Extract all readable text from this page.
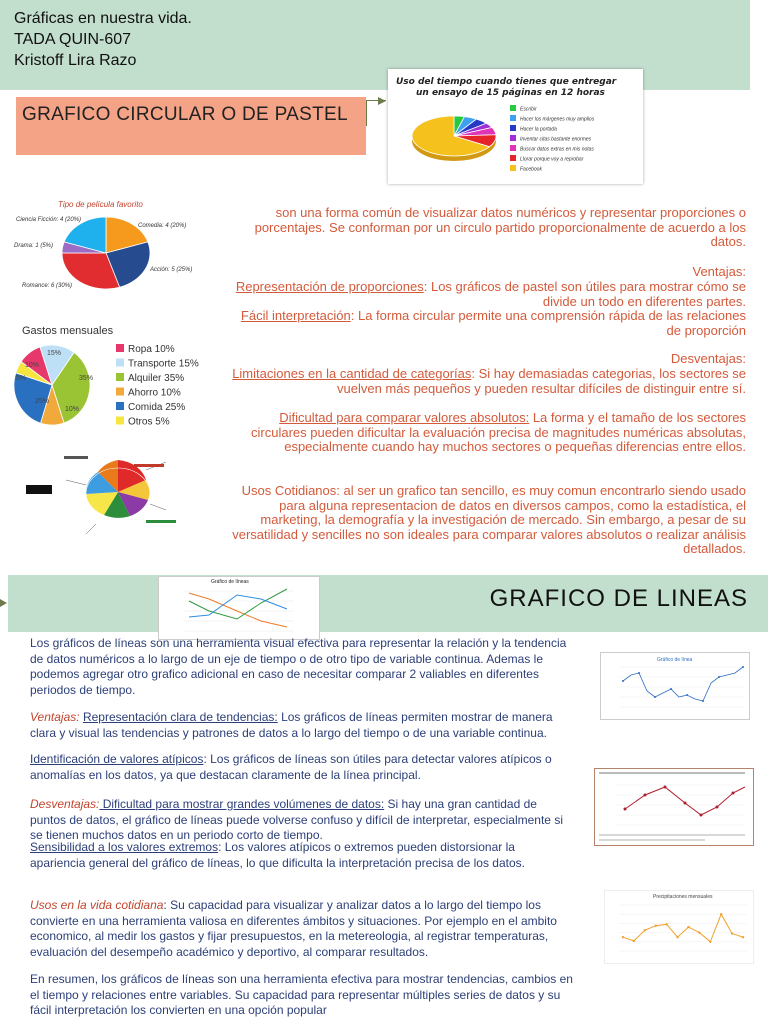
Gráficas en nuestra vida.
TADA QUIN-607
Kristoff Lira Razo
GRAFICO CIRCULAR O DE PASTEL
Uso del tiempo cuando tienes que entregar
un ensayo de 15 páginas en 12 horas
Escribir
Hacer los márgenes muy amplios
Hacer la portada
Inventar citas bastante enormes
Buscar datos extras en mis notas
Llorar porque voy a reprobar
Facebook
Tipo de película favorito
Ciencia Ficción: 4 (20%)
Comedia: 4 (20%)
Drama: 1 (5%)
Acción: 5 (25%)
Romance: 6 (30%)
Gastos mensuales
15%
10%
35%
5%
25%
10%
Ropa 10%
Transporte 15%
Alquiler 35%
Ahorro 10%
Comida 25%
Otros 5%
son una forma común de visualizar datos numéricos y representar proporciones o porcentajes. Se conforman por un circulo partido proporcionalmente de acuerdo a los datos.
Ventajas:
Representación de proporciones: Los gráficos de pastel son útiles para mostrar cómo se divide un todo en diferentes partes.
Fácil interpretación: La forma circular permite una comprensión rápida de las relaciones de proporción
Desventajas:
Limitaciones en la cantidad de categorías: Si hay demasiadas categorias, los sectores se vuelven más pequeños y pueden resultar difíciles de distinguir entre sí.
Dificultad para comparar valores absolutos: La forma y el tamaño de los sectores circulares pueden dificultar la evaluación precisa de magnitudes numéricas absolutas, especialmente cuando hay muchos sectores o pequeñas diferencias entre ellos.
Usos Cotidianos: al ser un grafico tan sencillo, es muy comun encontrarlo siendo usado para alguna representacion de datos en diversos campos, como la estadística, el marketing, la demografía y la investigación de mercado. Sin embargo, a pesar de su versatilidad y sencilles no son ideales para comparar valores absolutos o realizar análisis detallados.
GRAFICO DE LINEAS
Gráfico de líneas
Los gráficos de líneas son una herramienta visual efectiva para representar la relación y la tendencia de datos numéricos a lo largo de un eje de tiempo o de otro tipo de variable continua. Ademas le podemos agregar otro grafico adicional en caso de necesitar comparar 2 valiables en diferentes periodos de tiempo.
Ventajas: Representación clara de tendencias: Los gráficos de líneas permiten mostrar de manera clara y visual las tendencias y patrones de datos a lo largo del tiempo o de una variable continua.
Identificación de valores atípicos: Los gráficos de líneas son útiles para detectar valores atípicos o anomalías en los datos, ya que destacan claramente de la línea principal.
Desventajas: Dificultad para mostrar grandes volúmenes de datos: Si hay una gran cantidad de puntos de datos, el gráfico de líneas puede volverse confuso y difícil de interpretar, especialmente si se tienen muchos datos en un periodo corto de tiempo.
Sensibilidad a los valores extremos: Los valores atípicos o extremos pueden distorsionar la apariencia general del gráfico de líneas, lo que dificulta la interpretación precisa de los datos.
Usos en la vida cotidiana: Su capacidad para visualizar y analizar datos a lo largo del tiempo los convierte en una herramienta valiosa en diferentes ámbitos y situaciones. Por ejemplo en el ambito economico, al medir los gastos y fijar presupuestos, en la metereologia, al registrar temperaturas, evaluación del desempeño académico y deportivo, al comparar resultados.
En resumen, los gráficos de líneas son una herramienta efectiva para mostrar tendencias, cambios en el tiempo y relaciones entre variables. Su capacidad para representar múltiples series de datos y su fácil interpretación los convierten en una opción popular
Gráfico de línea
Precipitaciones mensuales
